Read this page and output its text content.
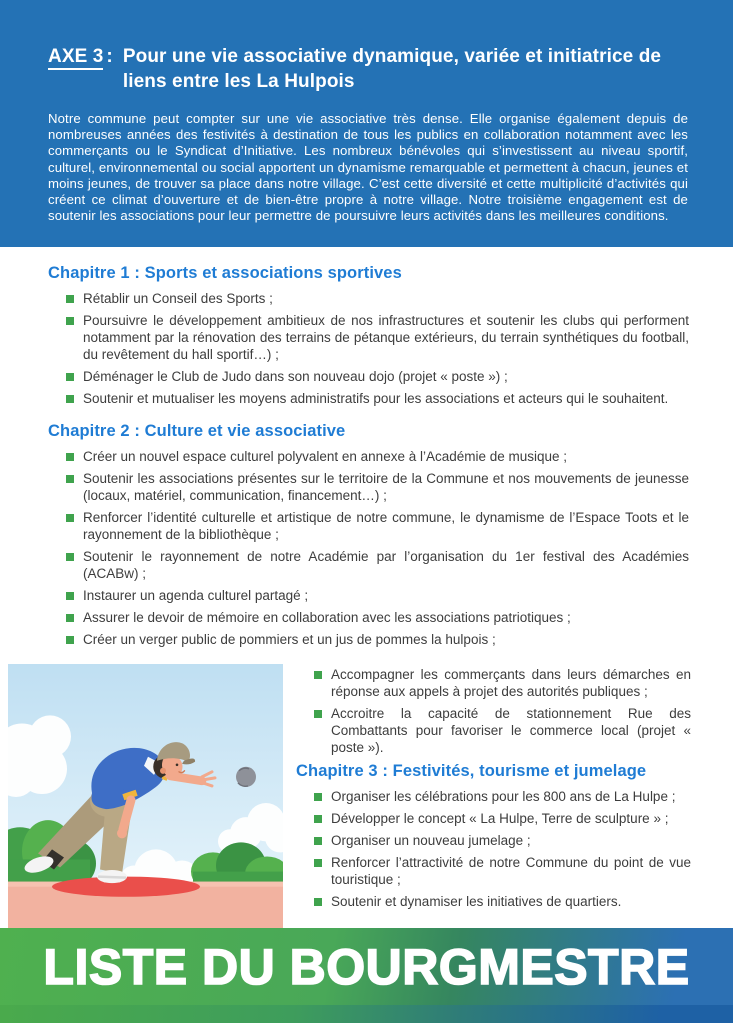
AXE 3 : Pour une vie associative dynamique, variée et initiatrice de liens entre les La Hulpois

Notre commune peut compter sur une vie associative très dense. Elle organise également depuis de nombreuses années des festivités à destination de tous les publics en collaboration notamment avec les commerçants ou le Syndicat d’Initiative. Les nombreux bénévoles qui s’investissent au niveau sportif, culturel, environnemental ou social apportent un dynamisme remarquable et permettent à chacun, jeunes et moins jeunes, de trouver sa place dans notre village. C’est cette diversité et cette multiplicité d’activités qui créent ce climat d’ouverture et de bien-être propre à notre village. Notre troisième engagement est de soutenir les associations pour leur permettre de poursuivre leurs activités dans les meilleures conditions.

Chapitre 1 : Sports et associations sportives
Rétablir un Conseil des Sports ;
Poursuivre le développement ambitieux de nos infrastructures et soutenir les clubs qui performent notamment par la rénovation des terrains de pétanque extérieurs, du terrain synthétiques du football, du revêtement du hall sportif…) ;
Déménager le Club de Judo dans son nouveau dojo (projet « poste ») ;
Soutenir et mutualiser les moyens administratifs pour les associations et acteurs qui le souhaitent.
Chapitre 2 : Culture et vie associative
Créer un nouvel espace culturel polyvalent en annexe à l’Académie de musique ;
Soutenir les associations présentes sur le territoire de la Commune et nos mouvements de jeunesse (locaux, matériel, communication, financement…) ;
Renforcer l’identité culturelle et artistique de notre commune, le dynamisme de l’Espace Toots et le rayonnement de la bibliothèque ;
Soutenir le rayonnement de notre Académie par l’organisation du 1er festival des Académies (ACABw) ;
Instaurer un agenda culturel partagé ;
Assurer le devoir de mémoire en collaboration avec les associations patriotiques ;
Créer un verger public de pommiers et un jus de pommes la hulpois ;
Accompagner les commerçants dans leurs démarches en réponse aux appels à projet des autorités publiques ;
Accroitre la capacité de stationnement Rue des Combattants pour favoriser le commerce local (projet « poste »).
Chapitre 3 : Festivités, tourisme et jumelage
Organiser les célébrations pour les 800 ans de La Hulpe ;
Développer le concept « La Hulpe, Terre de sculpture » ;
Organiser un nouveau jumelage ;
Renforcer l’attractivité de notre Commune du point de vue touristique ;
Soutenir et dynamiser les initiatives de quartiers.
LISTE DU BOURGMESTRE
